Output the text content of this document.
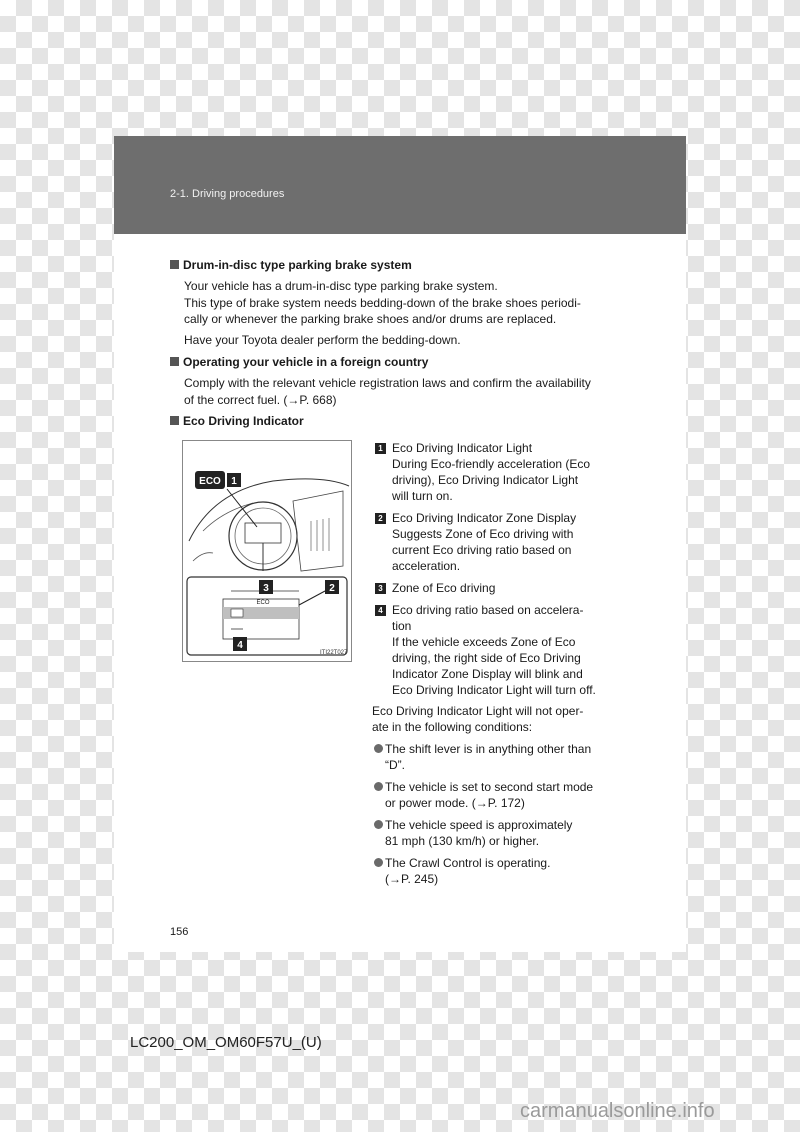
2-1. Driving procedures
Drum-in-disc type parking brake system
Your vehicle has a drum-in-disc type parking brake system.
This type of brake system needs bedding-down of the brake shoes periodi-
cally or whenever the parking brake shoes and/or drums are replaced.
Have your Toyota dealer perform the bedding-down.
Operating your vehicle in a foreign country
Comply with the relevant vehicle registration laws and confirm the availability
of the correct fuel. (→P. 668)
Eco Driving Indicator
ECO 1
ECO
3	2
4
ITI22T027
1 Eco Driving Indicator Light
During Eco-friendly acceleration (Eco
driving), Eco Driving Indicator Light
will turn on.
2 Eco Driving Indicator Zone Display
Suggests Zone of Eco driving with
current Eco driving ratio based on
acceleration.
3 Zone of Eco driving
4 Eco driving ratio based on accelera-
tion
If the vehicle exceeds Zone of Eco
driving, the right side of Eco Driving
Indicator Zone Display will blink and
Eco Driving Indicator Light will turn off.
Eco Driving Indicator Light will not oper-
ate in the following conditions:
The shift lever is in anything other than
“D”.
The vehicle is set to second start mode
or power mode. (→P. 172)
The vehicle speed is approximately
81 mph (130 km/h) or higher.
The Crawl Control is operating.
(→P. 245)
156
LC200_OM_OM60F57U_(U)
carmanualsonline.info
